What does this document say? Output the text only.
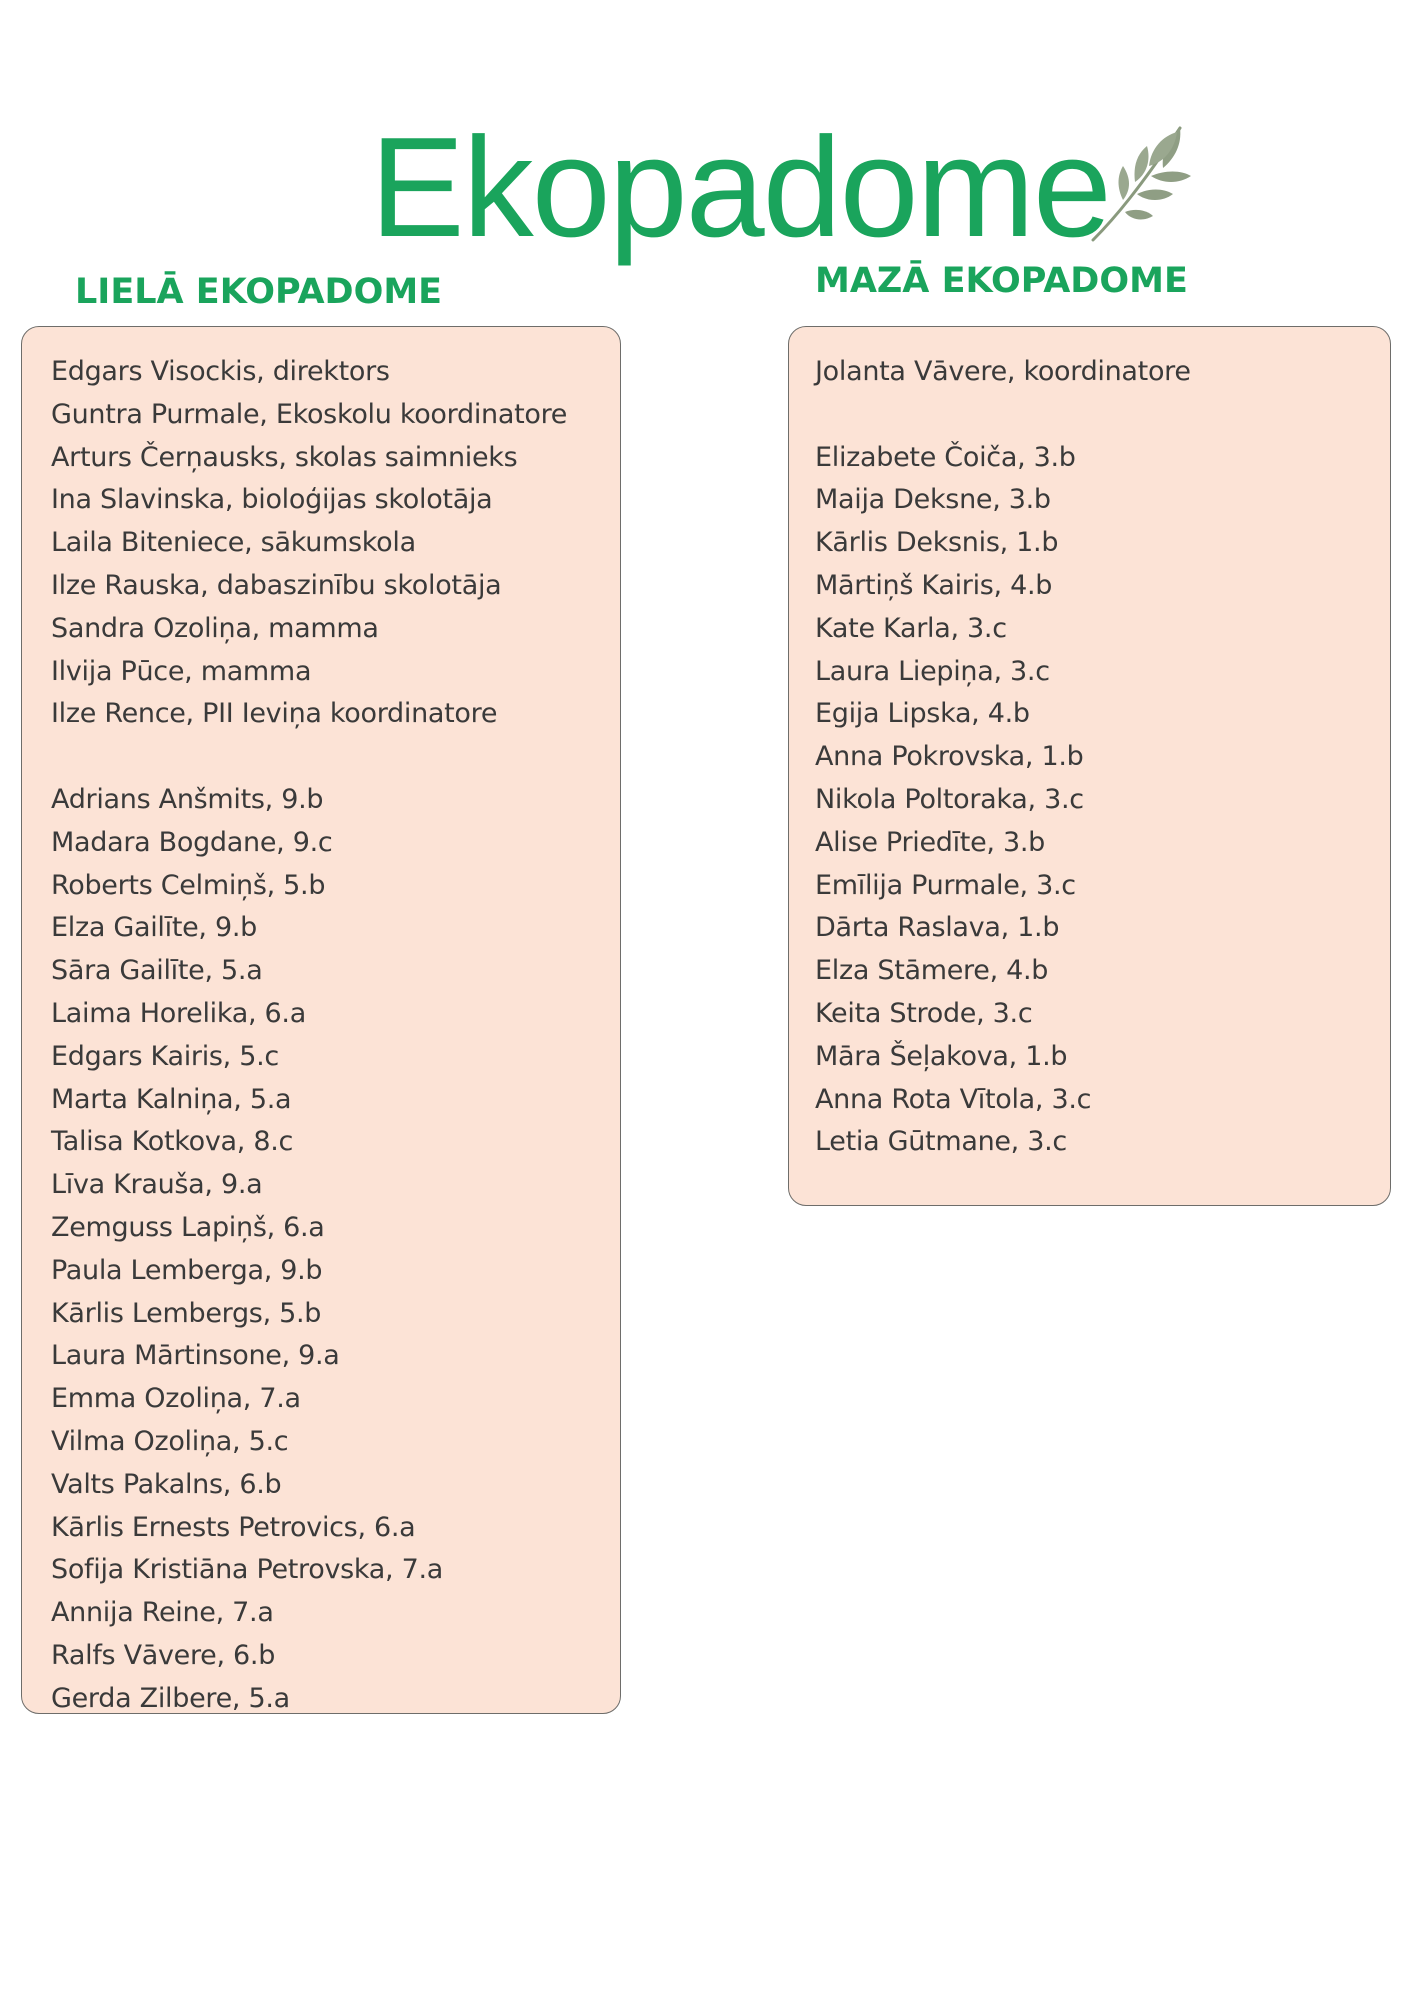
Ekopadome
LIELĀ EKOPADOME	MAZĀ EKOPADOME
Edgars Visockis, direktors
Guntra Purmale, Ekoskolu koordinatore
Arturs Čerņausks, skolas saimnieks
Ina Slavinska, bioloģijas skolotāja
Laila Biteniece, sākumskola
Ilze Rauska, dabaszinību skolotāja
Sandra Ozoliņa, mamma
Ilvija Pūce, mamma
Ilze Rence, PII Ieviņa koordinatore
Adrians Anšmits, 9.b
Madara Bogdane, 9.c
Roberts Celmiņš, 5.b
Elza Gailīte, 9.b
Sāra Gailīte, 5.a
Laima Horelika, 6.a
Edgars Kairis, 5.c
Marta Kalniņa, 5.a
Talisa Kotkova, 8.c
Līva Krauša, 9.a
Zemguss Lapiņš, 6.a
Paula Lemberga, 9.b
Kārlis Lembergs, 5.b
Laura Mārtinsone, 9.a
Emma Ozoliņa, 7.a
Vilma Ozoliņa, 5.c
Valts Pakalns, 6.b
Kārlis Ernests Petrovics, 6.a
Sofija Kristiāna Petrovska, 7.a
Annija Reine, 7.a
Ralfs Vāvere, 6.b
Gerda Zilbere, 5.a
Jolanta Vāvere, koordinatore
Elizabete Čoiča, 3.b
Maija Deksne, 3.b
Kārlis Deksnis, 1.b
Mārtiņš Kairis, 4.b
Kate Karla, 3.c
Laura Liepiņa, 3.c
Egija Lipska, 4.b
Anna Pokrovska, 1.b
Nikola Poltoraka, 3.c
Alise Priedīte, 3.b
Emīlija Purmale, 3.c
Dārta Raslava, 1.b
Elza Stāmere, 4.b
Keita Strode, 3.c
Māra Šeļakova, 1.b
Anna Rota Vītola, 3.c
Letia Gūtmane, 3.c
